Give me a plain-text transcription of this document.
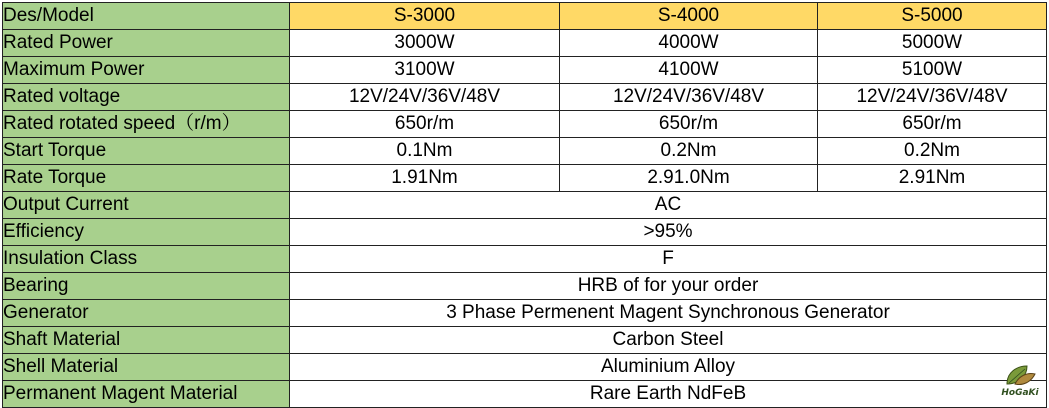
Des/Model	S-3000	S-4000	S-5000
Rated Power	3000W	4000W	5000W
Maximum Power	3100W	4100W	5100W
Rated voltage	12V/24V/36V/48V	12V/24V/36V/48V	12V/24V/36V/48V
Rated rotated speed（r/m）	650r/m	650r/m	650r/m
Start Torque	0.1Nm	0.2Nm	0.2Nm
Rate Torque	1.91Nm	2.91.0Nm	2.91Nm
Output Current	AC		
Efficiency	>95%		
Insulation Class	F		
Bearing	HRB of for your order		
Generator	3 Phase Permenent Magent Synchronous Generator		
Shaft Material	Carbon Steel		
Shell Material	Aluminium Alloy		
Permanent Magent Material	Rare Earth NdFeB			HoGaKi
